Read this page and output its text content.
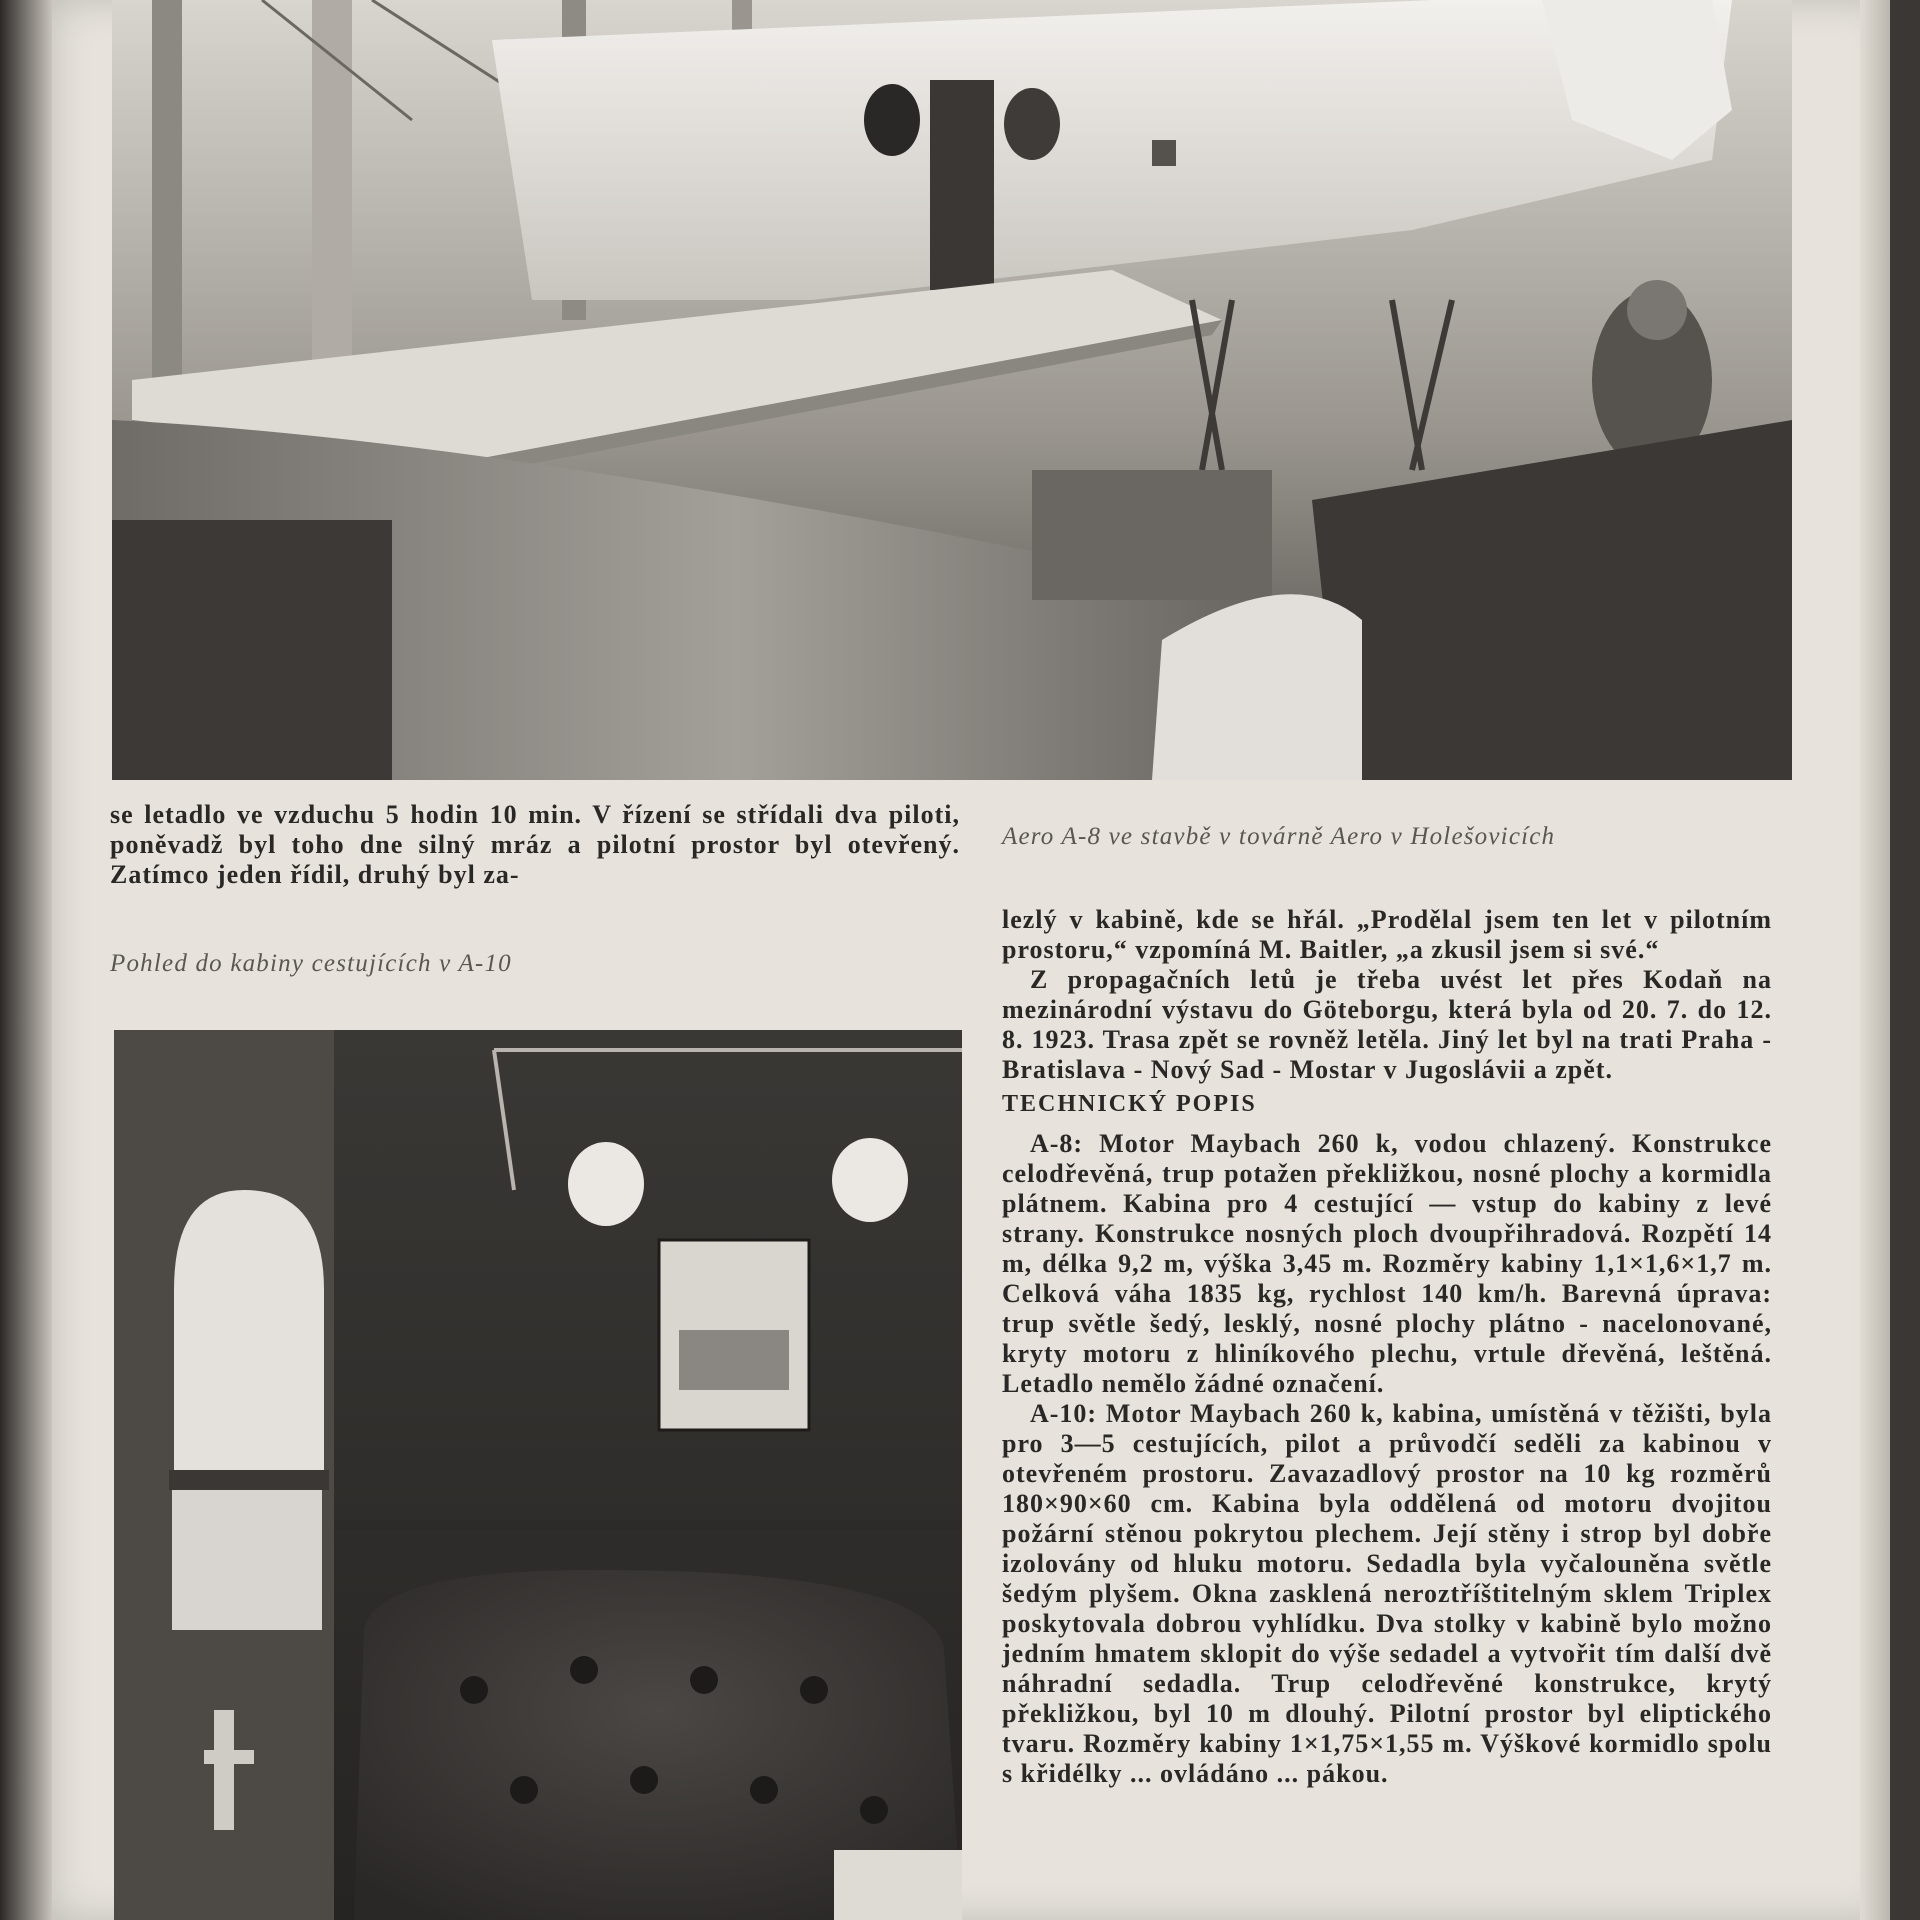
se letadlo ve vzduchu 5 hodin 10 min. V řízení se střídali dva piloti, poněvadž byl toho dne silný mráz a pilotní prostor byl otevřený. Zatímco jeden řídil, druhý byl za-
Aero A-8 ve stavbě v továrně Aero v Holešovicích
Pohled do kabiny cestujících v A-10

lezlý v kabině, kde se hřál. „Prodělal jsem ten let v pilotním prostoru,“ vzpomíná M. Baitler, „a zkusil jsem si své.“

Z propagačních letů je třeba uvést let přes Kodaň na mezinárodní výstavu do Göteborgu, která byla od 20. 7. do 12. 8. 1923. Trasa zpět se rovněž letěla. Jiný let byl na trati Praha - Bratislava - Nový Sad - Mostar v Jugoslávii a zpět.

TECHNICKÝ POPIS

A-8: Motor Maybach 260 k, vodou chlazený. Konstrukce celodřevěná, trup potažen překližkou, nosné plochy a kormidla plátnem. Kabina pro 4 cestující — vstup do kabiny z levé strany. Konstrukce nosných ploch dvoupřihradová. Rozpětí 14 m, délka 9,2 m, výška 3,45 m. Rozměry kabiny 1,1×1,6×1,7 m. Celková váha 1835 kg, rychlost 140 km/h. Barevná úprava: trup světle šedý, lesklý, nosné plochy plátno - nacelonované, kryty motoru z hliníkového plechu, vrtule dřevěná, leštěná. Letadlo nemělo žádné označení.

A-10: Motor Maybach 260 k, kabina, umístěná v těžišti, byla pro 3—5 cestujících, pilot a průvodčí seděli za kabinou v otevřeném prostoru. Zavazadlový prostor na 10 kg rozměrů 180×90×60 cm. Kabina byla oddělená od motoru dvojitou požární stěnou pokrytou plechem. Její stěny i strop byl dobře izolovány od hluku motoru. Sedadla byla vyčalouněna světle šedým plyšem. Okna zasklená neroztříštitelným sklem Triplex poskytovala dobrou vyhlídku. Dva stolky v kabině bylo možno jedním hmatem sklopit do výše sedadel a vytvořit tím další dvě náhradní sedadla. Trup celodřevěné konstrukce, krytý překližkou, byl 10 m dlouhý. Pilotní prostor byl eliptického tvaru. Rozměry kabiny 1×1,75×1,55 m. Výškové kormidlo spolu s křidélky ... ovládáno ... pákou.
